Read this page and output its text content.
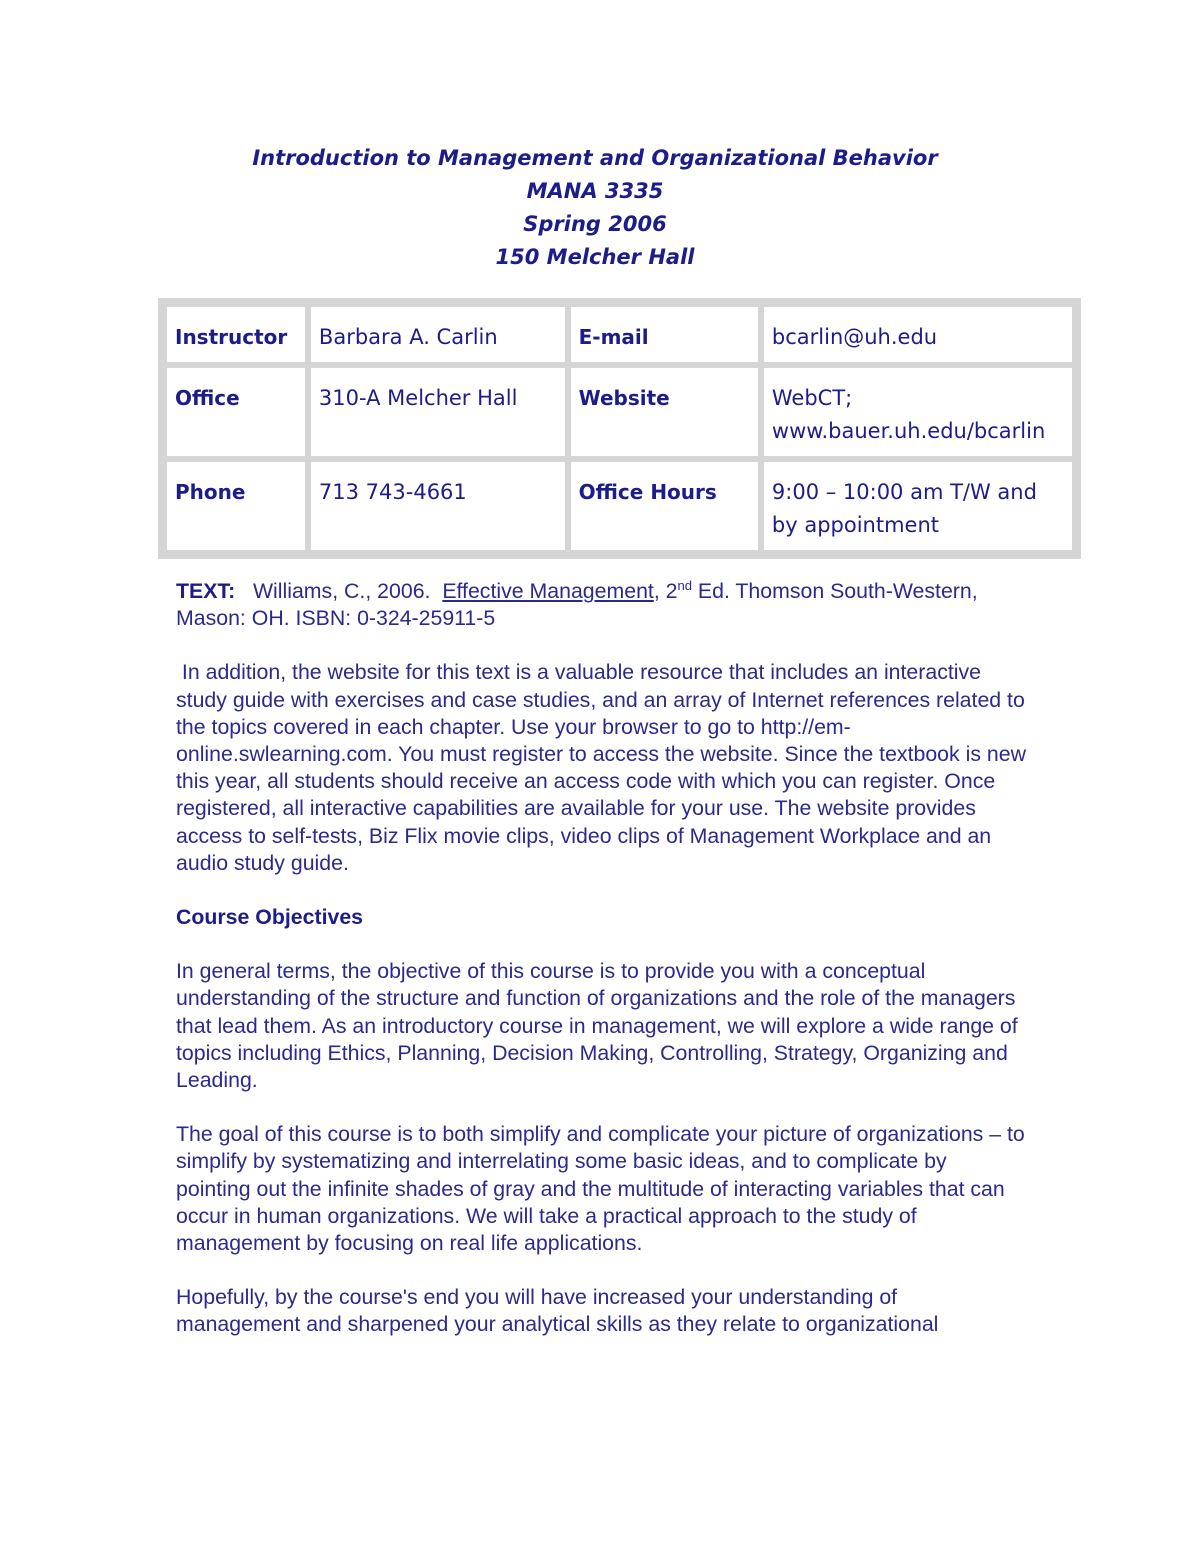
Introduction to Management and Organizational Behavior
MANA 3335
Spring 2006
150 Melcher Hall
Instructor	Barbara A. Carlin	E-mail	bcarlin@uh.edu
Office	310-A Melcher Hall	Website	WebCT;
www.bauer.uh.edu/bcarlin

Phone	713 743-4661	Office Hours	9:00 – 10:00 am T/W and
by appointment

TEXT: Williams, C., 2006. Effective Management, 2nd Ed. Thomson South-Western, Mason: OH. ISBN: 0-324-25911-5

In addition, the website for this text is a valuable resource that includes an interactive study guide with exercises and case studies, and an array of Internet references related to the topics covered in each chapter. Use your browser to go to http://em-online.swlearning.com. You must register to access the website. Since the textbook is new this year, all students should receive an access code with which you can register. Once registered, all interactive capabilities are available for your use. The website provides access to self-tests, Biz Flix movie clips, video clips of Management Workplace and an audio study guide.

Course Objectives

In general terms, the objective of this course is to provide you with a conceptual understanding of the structure and function of organizations and the role of the managers that lead them. As an introductory course in management, we will explore a wide range of topics including Ethics, Planning, Decision Making, Controlling, Strategy, Organizing and Leading.

The goal of this course is to both simplify and complicate your picture of organizations – to simplify by systematizing and interrelating some basic ideas, and to complicate by pointing out the infinite shades of gray and the multitude of interacting variables that can occur in human organizations. We will take a practical approach to the study of management by focusing on real life applications.

Hopefully, by the course's end you will have increased your understanding of management and sharpened your analytical skills as they relate to organizational
